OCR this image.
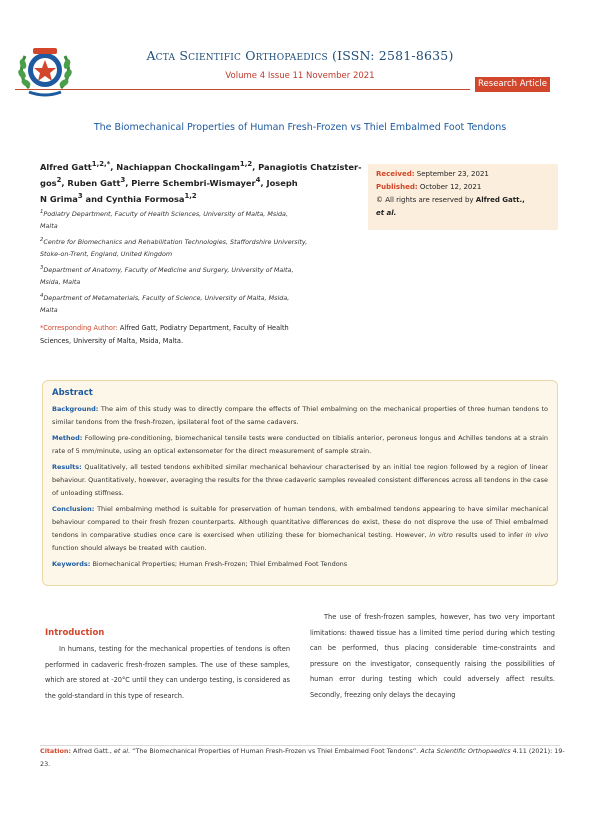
Acta Scientific Orthopaedics (ISSN: 2581-8635)
Volume 4 Issue 11 November 2021
Research Article
The Biomechanical Properties of Human Fresh-Frozen vs Thiel Embalmed Foot Tendons
Alfred Gatt$^{1,2,*}$, Nachiappan Chockalingam$^{1,2}$, Panagiotis Chatzister-
gos$^2$, Ruben Gatt$^3$, Pierre Schembri-Wismayer$^4$, Joseph
N Grima$^3$ and Cynthia Formosa$^{1,2}$
$^1$Podiatry Department, Faculty of Health Sciences, University of Malta, Msida,
Malta
$^2$Centre for Biomechanics and Rehabilitation Technologies, Staffordshire University,
Stoke-on-Trent, England, United Kingdom
$^3$Department of Anatomy, Faculty of Medicine and Surgery, University of Malta,
Msida, Malta
$^4$Department of Metamaterials, Faculty of Science, University of Malta, Msida,
Malta
*Corresponding Author: Alfred Gatt, Podiatry Department, Faculty of Health
Sciences, University of Malta, Msida, Malta.
Received: September 23, 2021
Published: October 12, 2021
© All rights are reserved by Alfred Gatt.,
et al.
Abstract
Background: The aim of this study was to directly compare the effects of Thiel embalming on the mechanical properties of three human tendons to similar tendons from the fresh-frozen, ipsilateral foot of the same cadavers.
Method: Following pre-conditioning, biomechanical tensile tests were conducted on tibialis anterior, peroneus longus and Achilles tendons at a strain rate of 5 mm/minute, using an optical extensometer for the direct measurement of sample strain.
Results: Qualitatively, all tested tendons exhibited similar mechanical behaviour characterised by an initial toe region followed by a region of linear behaviour. Quantitatively, however, averaging the results for the three cadaveric samples revealed consistent differences across all tendons in the case of unloading stiffness.
Conclusion: Thiel embalming method is suitable for preservation of human tendons, with embalmed tendons appearing to have similar mechanical behaviour compared to their fresh frozen counterparts. Although quantitative differences do exist, these do not disprove the use of Thiel embalmed tendons in comparative studies once care is exercised when utilizing these for biomechanical testing. However, in vitro results used to infer in vivo function should always be treated with caution.
Keywords: Biomechanical Properties; Human Fresh-Frozen; Thiel Embalmed Foot Tendons
Introduction
In humans, testing for the mechanical properties of tendons is often performed in cadaveric fresh-frozen samples. The use of these samples, which are stored at -20°C until they can undergo testing, is considered as the gold-standard in this type of research.
The use of fresh-frozen samples, however, has two very important limitations: thawed tissue has a limited time period during which testing can be performed, thus placing considerable time-constraints and pressure on the investigator, consequently raising the possibilities of human error during testing which could adversely affect results. Secondly, freezing only delays the decaying
Citation: Alfred Gatt., et al. “The Biomechanical Properties of Human Fresh-Frozen vs Thiel Embalmed Foot Tendons”. Acta Scientific Orthopaedics 4.11 (2021): 19-23.
